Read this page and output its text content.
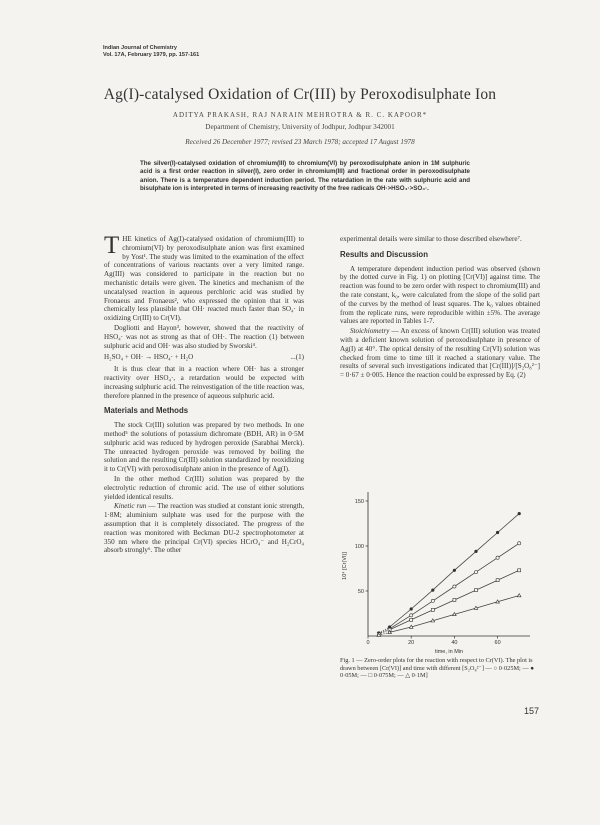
Indian Journal of Chemistry
Vol. 17A, February 1979, pp. 157-161
Ag(I)-catalysed Oxidation of Cr(III) by Peroxodisulphate Ion
ADITYA PRAKASH, RAJ NARAIN MEHROTRA & R. C. KAPOOR*
Department of Chemistry, University of Jodhpur, Jodhpur 342001
Received 26 December 1977; revised 23 March 1978; accepted 17 August 1978
The silver(I)-catalysed oxidation of chromium(III) to chromium(VI) by peroxodisulphate anion in 1M sulphuric acid is a first order reaction in silver(I), zero order in chromium(III) and fractional order in peroxodisulphate anion. There is a temperature dependent induction period. The retardation in the rate with sulphuric acid and bisulphate ion is interpreted in terms of increasing reactivity of the free radicals OH·>HSO₄·>SO₄·.

THE kinetics of Ag(I)-catalysed oxidation of chromium(III) to chromium(VI) by peroxodisulphate anion was first examined by Yost¹. The study was limited to the examination of the effect of concentrations of various reactants over a very limited range. Ag(III) was considered to participate in the reaction but no mechanistic details were given. The kinetics and mechanism of the uncatalysed reaction in aqueous perchloric acid was studied by Fronaeus and Fronaeus², who expressed the opinion that it was chemically less plausible that OH· reacted much faster than SO₄· in oxidizing Cr(III) to Cr(VI).

Dogliotti and Hayon³, however, showed that the reactivity of HSO₄· was not as strong as that of OH·. The reaction (1) between sulphuric acid and OH· was also studied by Sworski⁴.

H₂SO₄ + OH· → HSO₄· + H₂O	...(1)

It is thus clear that in a reaction where OH· has a stronger reactivity over HSO₄·, a retardation would be expected with increasing sulphuric acid. The reinvestigation of the title reaction was, therefore planned in the presence of aqueous sulphuric acid.

Materials and Methods

The stock Cr(III) solution was prepared by two methods. In one method⁵ the solutions of potassium dichromate (BDH, AR) in 0·5M sulphuric acid was reduced by hydrogen peroxide (Sarabhai Merck). The unreacted hydrogen peroxide was removed by boiling the solution and the resulting Cr(III) solution standardized by reoxidizing it to Cr(VI) with peroxodisulphate anion in the presence of Ag(I).

In the other method Cr(III) solution was prepared by the electrolytic reduction of chromic acid. The use of either solutions yielded identical results.

Kinetic run — The reaction was studied at constant ionic strength, 1·8M; aluminium sulphate was used for the purpose with the assumption that it is completely dissociated. The progress of the reaction was monitored with Beckman DU-2 spectrophotometer at 350 nm where the principal Cr(VI) species HCrO₄⁻ and H₂CrO₄ absorb strongly⁶. The other

experimental details were similar to those described elsewhere⁷.

Results and Discussion

A temperature dependent induction period was observed (shown by the dotted curve in Fig. 1) on plotting [Cr(VI)] against time. The reaction was found to be zero order with respect to chromium(III) and the rate constant, k₀, were calculated from the slope of the solid part of the curves by the method of least squares. The k₀ values obtained from the replicate runs, were reproducible within ±5%. The average values are reported in Tables 1-7.

Stoichiometry — An excess of known Cr(III) solution was treated with a deficient known solution of peroxodisulphate in presence of Ag(I) at 40°. The optical density of the resulting Cr(VI) solution was checked from time to time till it reached a stationary value. The results of several such investigations indicated that [Cr(III)]/[S₂O₈²⁻] = 0·67 ± 0·005. Hence the reaction could be expressed by Eq. (2)

0	20	40	60
50
100
150
time, in Min
10⁴ [Cr(VI)]
Fig. 1 — Zero-order plots for the reaction with respect to Cr(VI). The plot is drawn between [Cr(VI)] and time with different [S₂O₈²⁻] — ○ 0·025M; — ● 0·05M; — □ 0·075M; — △ 0·1M]
157
